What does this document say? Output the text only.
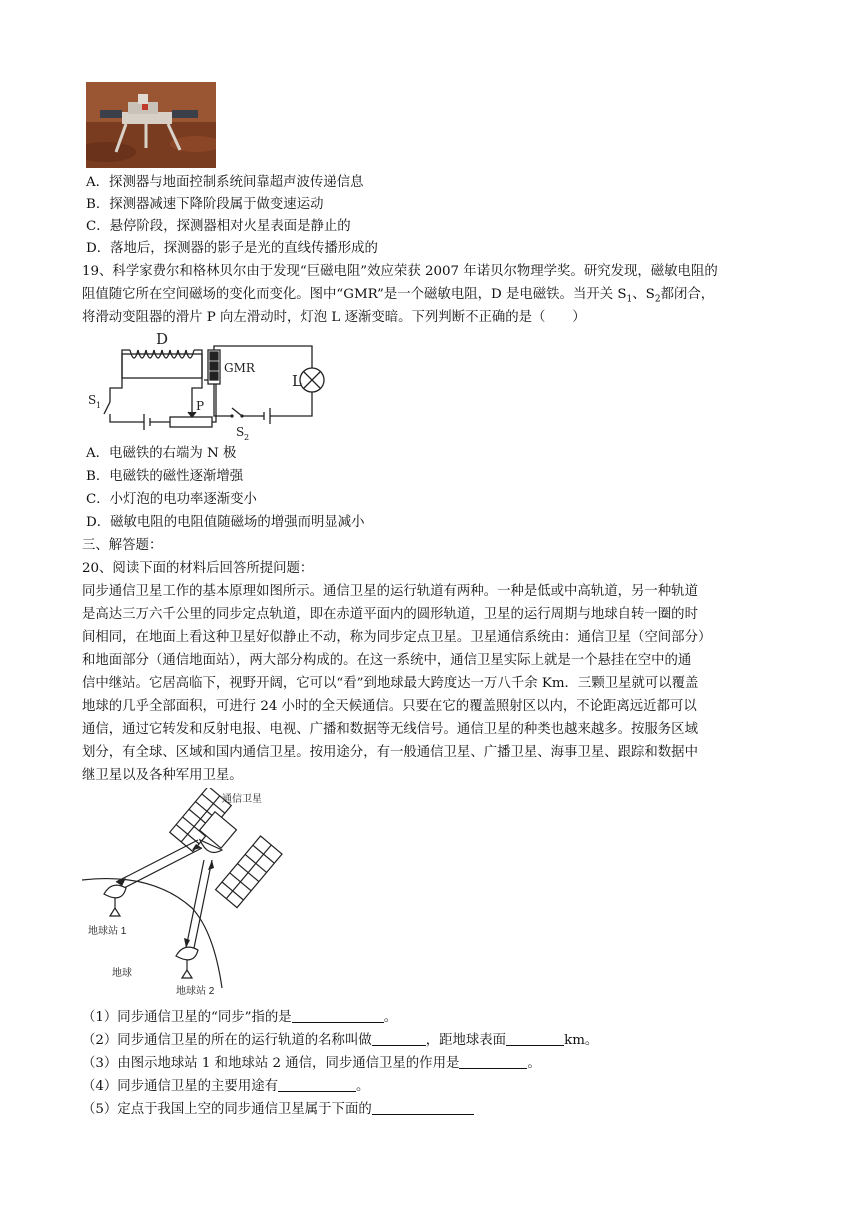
A．探测器与地面控制系统间靠超声波传递信息
B．探测器减速下降阶段属于做变速运动
C．悬停阶段，探测器相对火星表面是静止的
D．落地后，探测器的影子是光的直线传播形成的
19、科学家费尔和格林贝尔由于发现“巨磁电阻”效应荣获 2007 年诺贝尔物理学奖。研究发现，磁敏电阻的
阻值随它所在空间磁场的变化而变化。图中“GMR”是一个磁敏电阻，D 是电磁铁。当开关 $S_1$、$S_2$都闭合，
将滑动变阻器的滑片 P 向左滑动时，灯泡 L 逐渐变暗。下列判断不正确的是（　　）
D
GMR
L
S 1
S 2
P
A．电磁铁的右端为 N 极
B．电磁铁的磁性逐渐增强
C．小灯泡的电功率逐渐变小
D．磁敏电阻的电阻值随磁场的增强而明显减小
三、解答题：
20、阅读下面的材料后回答所提问题：
同步通信卫星工作的基本原理如图所示。通信卫星的运行轨道有两种。一种是低或中高轨道，另一种轨道
是高达三万六千公里的同步定点轨道，即在赤道平面内的圆形轨道，卫星的运行周期与地球自转一圈的时
间相同，在地面上看这种卫星好似静止不动，称为同步定点卫星。卫星通信系统由：通信卫星（空间部分）
和地面部分（通信地面站），两大部分构成的。在这一系统中，通信卫星实际上就是一个悬挂在空中的通
信中继站。它居高临下，视野开阔，它可以“看”到地球最大跨度达一万八千余 Km．三颗卫星就可以覆盖
地球的几乎全部面积，可进行 24 小时的全天候通信。只要在它的覆盖照射区以内，不论距离远近都可以
通信，通过它转发和反射电报、电视、广播和数据等无线信号。通信卫星的种类也越来越多。按服务区域
划分，有全球、区域和国内通信卫星。按用途分，有一般通信卫星、广播卫星、海事卫星、跟踪和数据中
继卫星以及各种军用卫星。
通信卫星
地球站 1
地球
地球站 2
（1）同步通信卫星的“同步”指的是	。
（2）同步通信卫星的所在的运行轨道的名称叫做	，距地球表面	km。
（3）由图示地球站 1 和地球站 2 通信，同步通信卫星的作用是	。
（4）同步通信卫星的主要用途有	。
（5）定点于我国上空的同步通信卫星属于下面的
